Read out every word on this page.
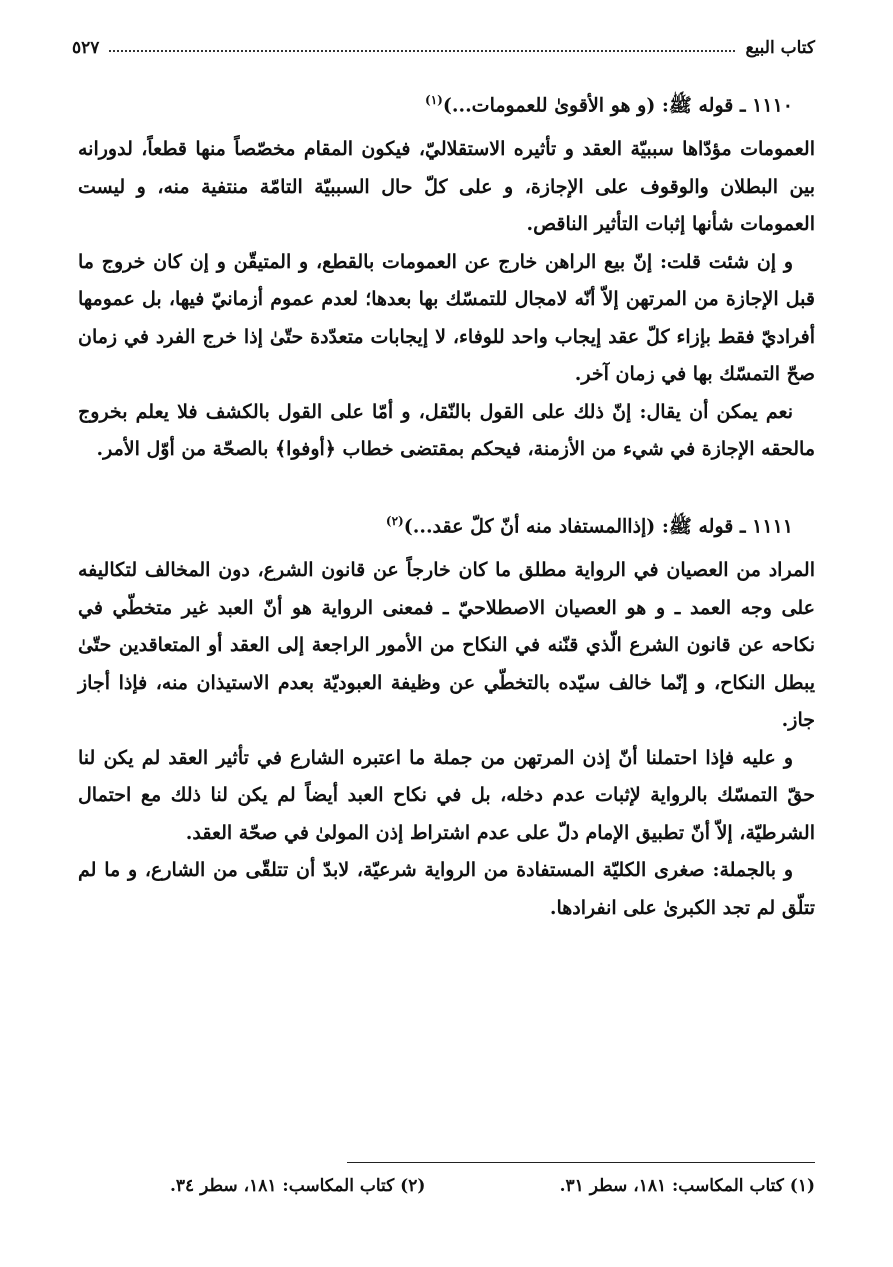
كتاب البيع
٥٢٧
١١١٠ ـ قوله ﷺ: (و هو الأقوىٰ للعمومات...)$^{(١)}$

العمومات مؤدّاها سببيّة العقد و تأثيره الاستقلاليّ، فيكون المقام مخصّصاً منها قطعاً، لدورانه بين البطلان والوقوف على الإجازة، و على كلّ حال السببيّة التامّة منتفية منه، و ليست العمومات شأنها إثبات التأثير الناقص.

و إن شئت قلت: إنّ بيع الراهن خارج عن العمومات بالقطع، و المتيقّن و إن كان خروج ما قبل الإجازة من المرتهن إلاّ أنّه لامجال للتمسّك بها بعدها؛ لعدم عموم أزمانيّ فيها، بل عمومها أفراديّ فقط بإزاء كلّ عقد إيجاب واحد للوفاء، لا إيجابات متعدّدة حتّىٰ إذا خرج الفرد في زمان صحّ التمسّك بها في زمان آخر.

نعم يمكن أن يقال: إنّ ذلك على القول بالنّقل، و أمّا على القول بالكشف فلا يعلم بخروج مالحقه الإجازة في شيء من الأزمنة، فيحكم بمقتضى خطاب ﴿أوفوا﴾ بالصحّة من أوّل الأمر.

١١١١ ـ قوله ﷺ: (إذاالمستفاد منه أنّ كلّ عقد...)$^{(٢)}$

المراد من العصيان في الرواية مطلق ما كان خارجاً عن قانون الشرع، دون المخالف لتكاليفه على وجه العمد ـ و هو العصيان الاصطلاحيّ ـ فمعنى الرواية هو أنّ العبد غير متخطّي في نكاحه عن قانون الشرع الّذي قنّنه في النكاح من الأمور الراجعة إلى العقد أو المتعاقدين حتّىٰ يبطل النكاح، و إنّما خالف سيّده بالتخطّي عن وظيفة العبوديّة بعدم الاستيذان منه، فإذا أجاز جاز.

و عليه فإذا احتملنا أنّ إذن المرتهن من جملة ما اعتبره الشارع في تأثير العقد لم يكن لنا حقّ التمسّك بالرواية لإثبات عدم دخله، بل في نكاح العبد أيضاً لم يكن لنا ذلك مع احتمال الشرطيّة، إلاّ أنّ تطبيق الإمام دلّ على عدم اشتراط إذن المولىٰ في صحّة العقد.

و بالجملة: صغرى الكليّة المستفادة من الرواية شرعيّة، لابدّ أن تتلقّى من الشارع، و ما لم تتلّق لم تجد الكبرىٰ على انفرادها.

(١) كتاب المكاسب: ١٨١، سطر ٣١.
(٢) كتاب المكاسب: ١٨١، سطر ٣٤.
